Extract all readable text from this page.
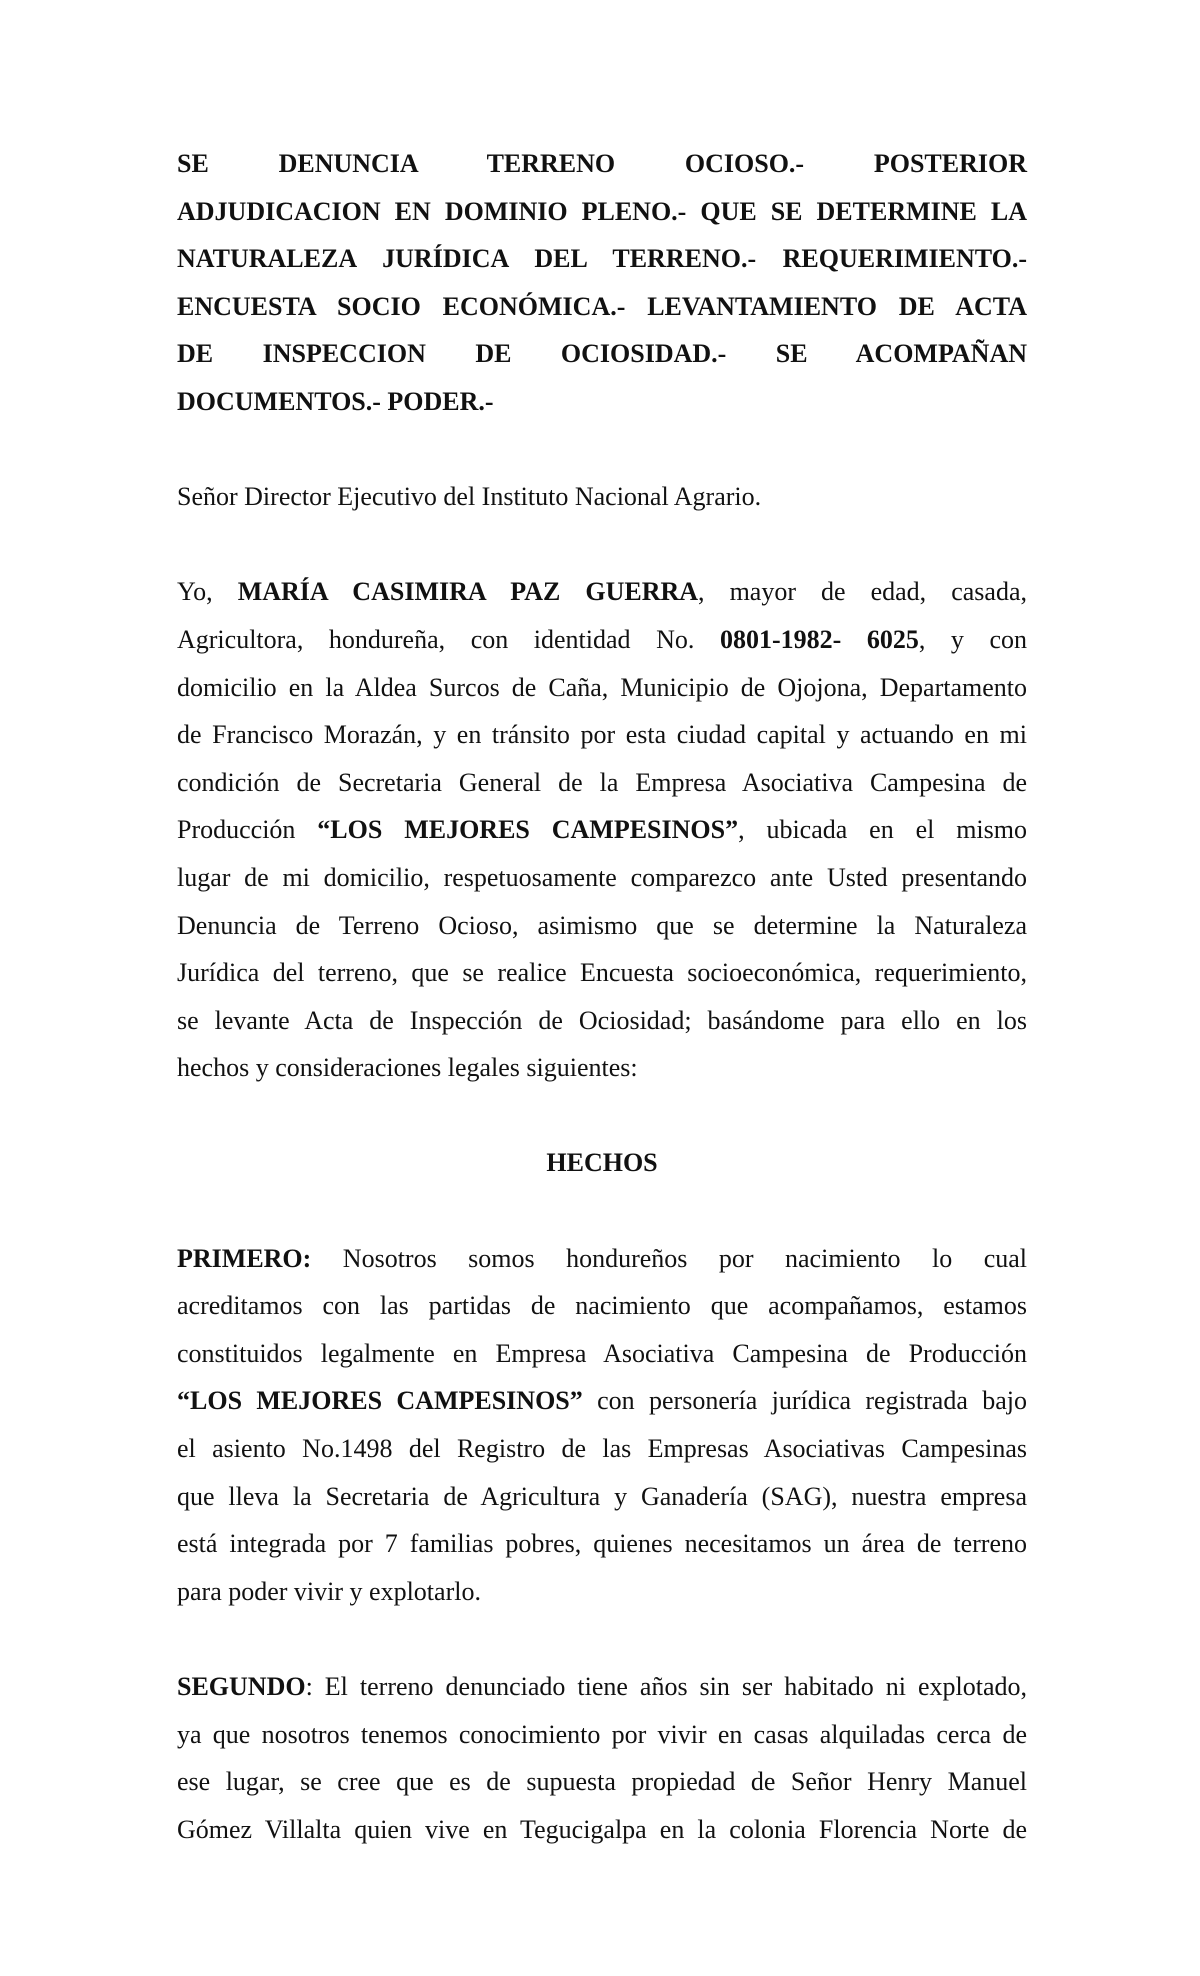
SE	DENUNCIA	TERRENO	OCIOSO.-	POSTERIOR
ADJUDICACION EN DOMINIO PLENO.- QUE SE DETERMINE LA
NATURALEZA JURÍDICA DEL TERRENO.- REQUERIMIENTO.-
ENCUESTA SOCIO ECONÓMICA.- LEVANTAMIENTO DE ACTA
DE INSPECCION DE OCIOSIDAD.- SE ACOMPAÑAN
DOCUMENTOS.- PODER.-
Señor Director Ejecutivo del Instituto Nacional Agrario.
Yo, MARÍA CASIMIRA PAZ GUERRA, mayor de edad, casada,
Agricultora, hondureña, con identidad No. 0801-1982- 6025, y con
domicilio en la Aldea Surcos de Caña, Municipio de Ojojona, Departamento
de Francisco Morazán, y en tránsito por esta ciudad capital y actuando en mi
condición de Secretaria General de la Empresa Asociativa Campesina de
Producción “LOS MEJORES CAMPESINOS”, ubicada en el mismo
lugar de mi domicilio, respetuosamente comparezco ante Usted presentando
Denuncia de Terreno Ocioso, asimismo que se determine la Naturaleza
Jurídica del terreno, que se realice Encuesta socioeconómica, requerimiento,
se levante Acta de Inspección de Ociosidad; basándome para ello en los
hechos y consideraciones legales siguientes:
HECHOS
PRIMERO: Nosotros somos hondureños por nacimiento lo cual
acreditamos con las partidas de nacimiento que acompañamos, estamos
constituidos legalmente en Empresa Asociativa Campesina de Producción
“LOS MEJORES CAMPESINOS” con personería jurídica registrada bajo
el asiento No.1498 del Registro de las Empresas Asociativas Campesinas
que lleva la Secretaria de Agricultura y Ganadería (SAG), nuestra empresa
está integrada por 7 familias pobres, quienes necesitamos un área de terreno
para poder vivir y explotarlo.
SEGUNDO: El terreno denunciado tiene años sin ser habitado ni explotado,
ya que nosotros tenemos conocimiento por vivir en casas alquiladas cerca de
ese lugar, se cree que es de supuesta propiedad de Señor Henry Manuel
Gómez Villalta quien vive en Tegucigalpa en la colonia Florencia Norte de
